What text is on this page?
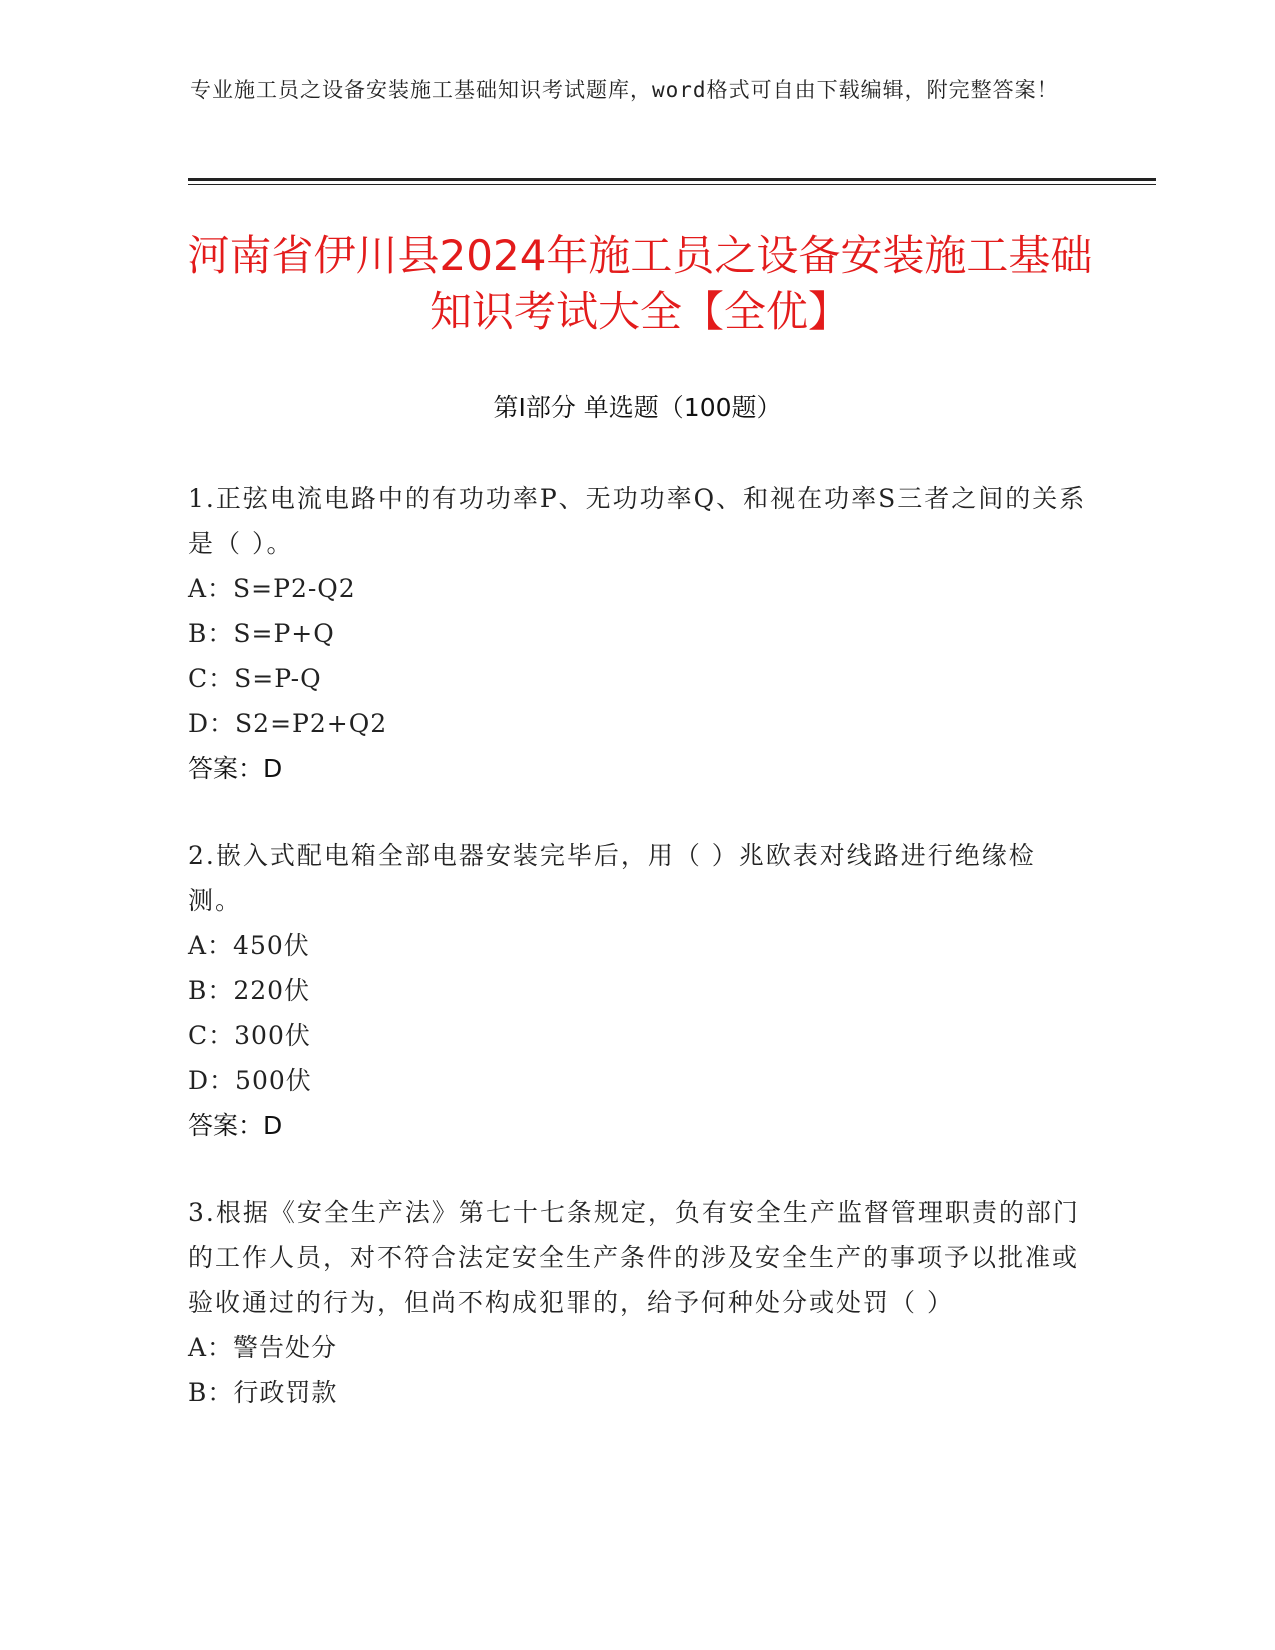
专业施工员之设备安装施工基础知识考试题库，word格式可自由下载编辑，附完整答案！
河南省伊川县2024年施工员之设备安装施工基础知识考试大全【全优】
第Ⅰ部分 单选题（100题）
1.正弦电流电路中的有功功率P、无功功率Q、和视在功率S三者之间的关系是（ ）。
A：S=P2-Q2
B：S=P+Q
C：S=P-Q
D：S2=P2+Q2
答案：D
2.嵌入式配电箱全部电器安装完毕后，用（ ）兆欧表对线路进行绝缘检测。
A：450伏
B：220伏
C：300伏
D：500伏
答案：D
3.根据《安全生产法》第七十七条规定，负有安全生产监督管理职责的部门的工作人员，对不符合法定安全生产条件的涉及安全生产的事项予以批准或验收通过的行为，但尚不构成犯罪的，给予何种处分或处罚（ ）
A：警告处分
B：行政罚款
